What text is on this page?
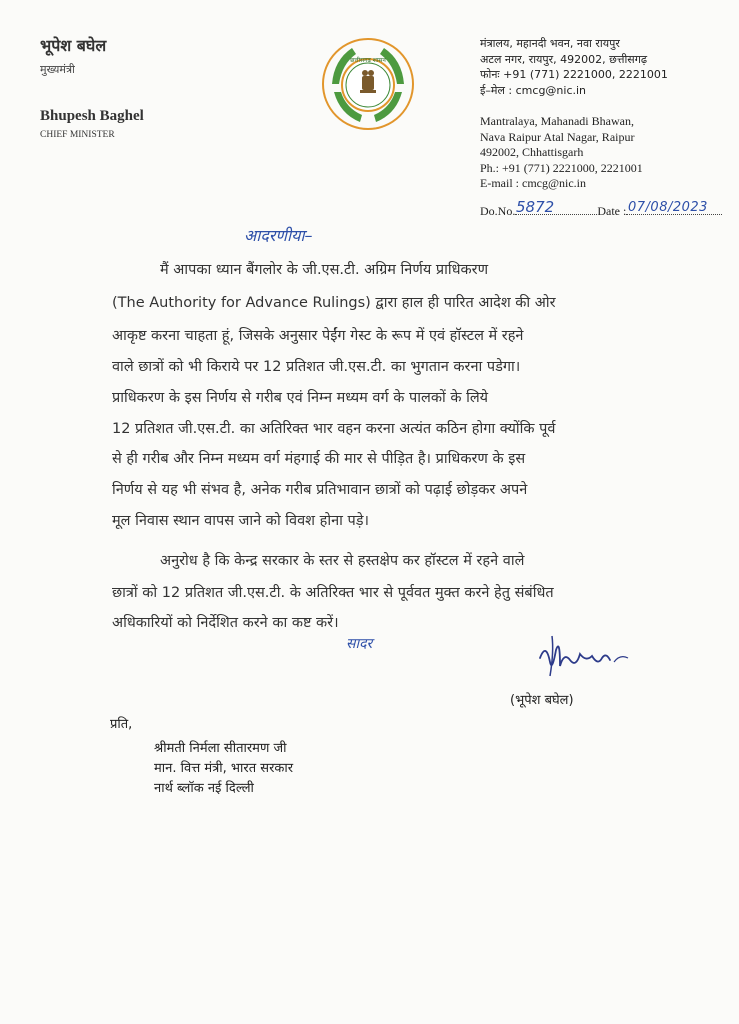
भूपेश बघेल
मुख्यमंत्री
Bhupesh Baghel
CHIEF MINISTER
छत्तीसगढ़ शासन
मंत्रालय, महानदी भवन, नवा रायपुर
अटल नगर, रायपुर, 492002, छत्तीसगढ़
फोनः +91 (771) 2221000, 2221001
ई–मेल : cmcg@nic.in
Mantralaya, Mahanadi Bhawan,
Nava Raipur Atal Nagar, Raipur
492002, Chhattisgarh
Ph.: +91 (771) 2221000, 2221001
E-mail : cmcg@nic.in
Do.No.	Date :
5872	07/08/2023
आदरणीया–
मैं आपका ध्यान बैंगलोर के जी.एस.टी. अग्रिम निर्णय प्राधिकरण
(The Authority for Advance Rulings) द्वारा हाल ही पारित आदेश की ओर
आकृष्ट करना चाहता हूं, जिसके अनुसार पेईंग गेस्ट के रूप में एवं हॉस्टल में रहने
वाले छात्रों को भी किराये पर 12 प्रतिशत जी.एस.टी. का भुगतान करना पडेगा।
प्राधिकरण के इस निर्णय से गरीब एवं निम्न मध्यम वर्ग के पालकों के लिये
12 प्रतिशत जी.एस.टी. का अतिरिक्त भार वहन करना अत्यंत कठिन होगा क्योंकि पूर्व
से ही गरीब और निम्न मध्यम वर्ग मंहगाई की मार से पीड़ित है। प्राधिकरण के इस
निर्णय से यह भी संभव है, अनेक गरीब प्रतिभावान छात्रों को पढ़ाई छोड़कर अपने
मूल निवास स्थान वापस जाने को विवश होना पड़े।
अनुरोध है कि केन्द्र सरकार के स्तर से हस्तक्षेप कर हॉस्टल में रहने वाले
छात्रों को 12 प्रतिशत जी.एस.टी. के अतिरिक्त भार से पूर्ववत मुक्त करने हेतु संबंधित
अधिकारियों को निर्देशित करने का कष्ट करें।
सादर
(भूपेश बघेल)
प्रति,
श्रीमती निर्मला सीतारमण जी
मान. वित्त मंत्री, भारत सरकार
नार्थ ब्लॉक नई दिल्ली
